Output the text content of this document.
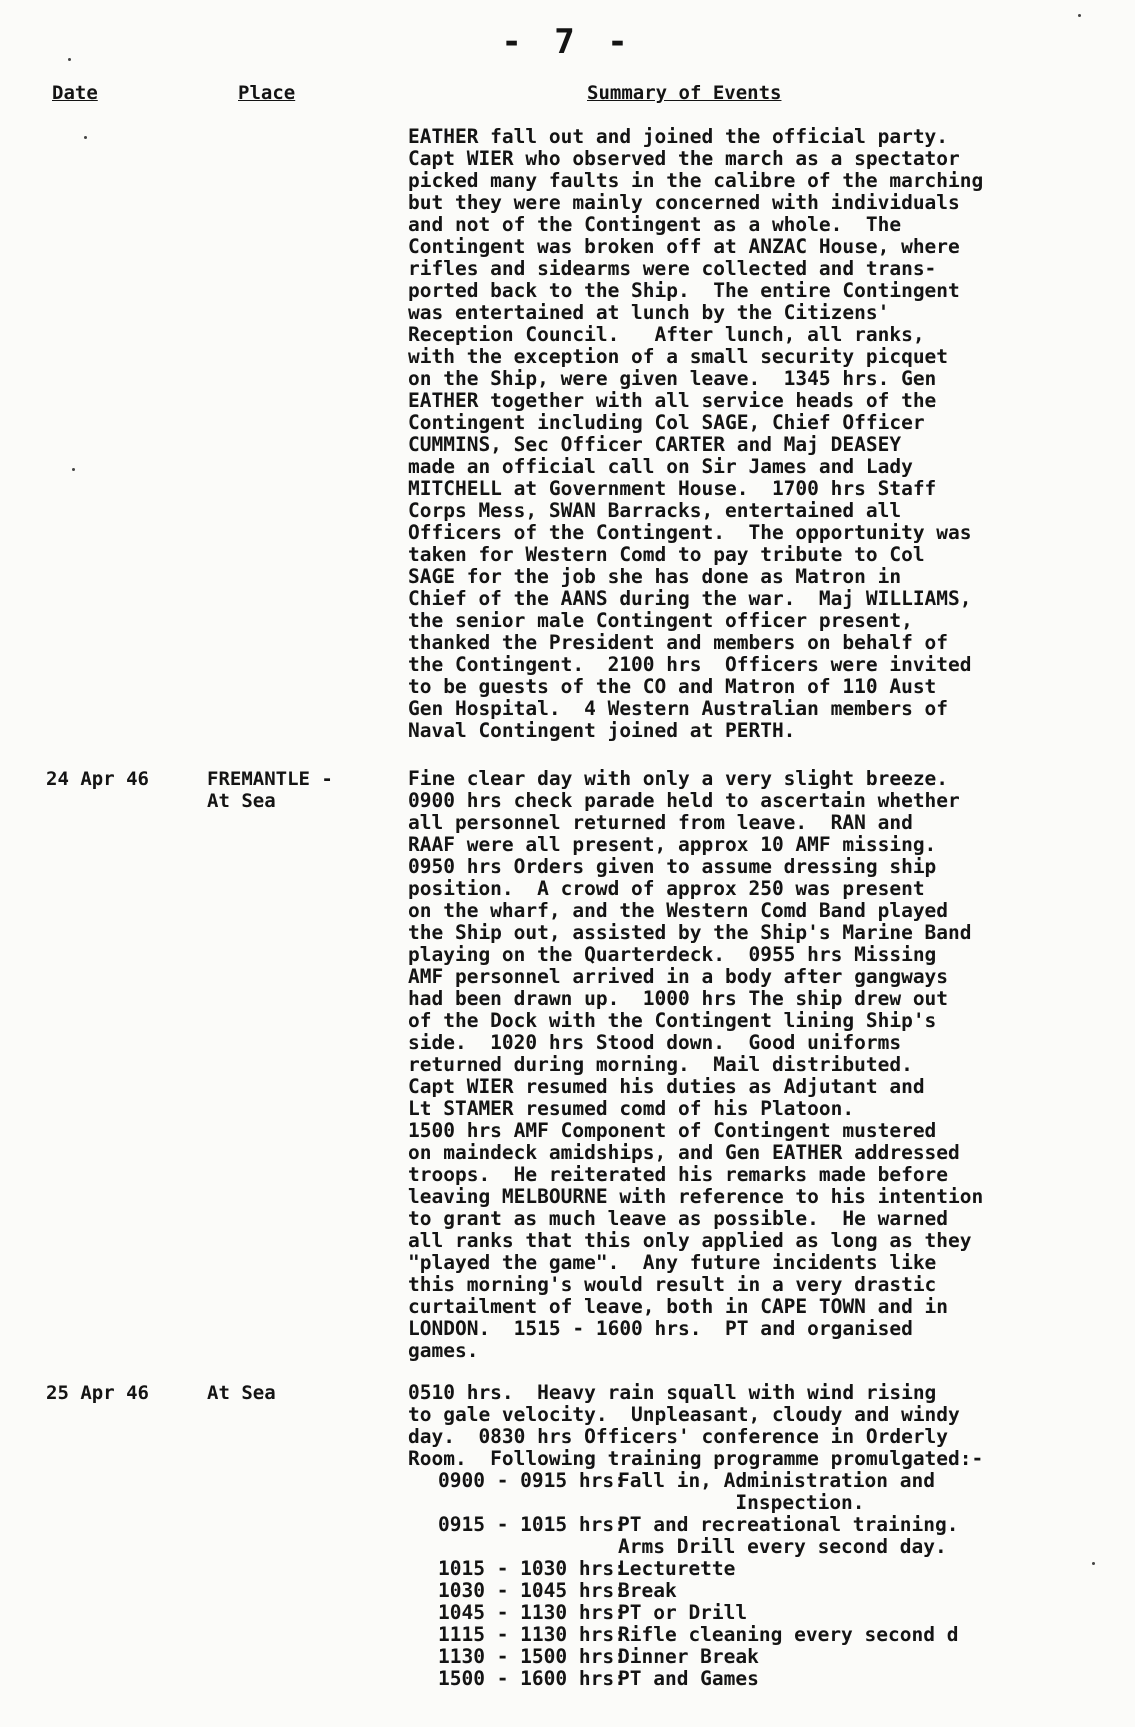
- 7 -
Date	Place	Summary of Events

EATHER fall out and joined the official party.

Capt WIER who observed the march as a spectator

picked many faults in the calibre of the marching

but they were mainly concerned with individuals

and not of the Contingent as a whole.  The

Contingent was broken off at ANZAC House, where

rifles and sidearms were collected and trans-

ported back to the Ship.  The entire Contingent

was entertained at lunch by the Citizens'

Reception Council.   After lunch, all ranks,

with the exception of a small security picquet

on the Ship, were given leave.  1345 hrs. Gen

EATHER together with all service heads of the

Contingent including Col SAGE, Chief Officer

CUMMINS, Sec Officer CARTER and Maj DEASEY

made an official call on Sir James and Lady

MITCHELL at Government House.  1700 hrs Staff

Corps Mess, SWAN Barracks, entertained all

Officers of the Contingent.  The opportunity was

taken for Western Comd to pay tribute to Col

SAGE for the job she has done as Matron in

Chief of the AANS during the war.  Maj WILLIAMS,

the senior male Contingent officer present,

thanked the President and members on behalf of

the Contingent.  2100 hrs  Officers were invited

to be guests of the CO and Matron of 110 Aust

Gen Hospital.  4 Western Australian members of

Naval Contingent joined at PERTH.

24 Apr 46	FREMANTLE -
At Sea

Fine clear day with only a very slight breeze.

0900 hrs check parade held to ascertain whether

all personnel returned from leave.  RAN and

RAAF were all present, approx 10 AMF missing.

0950 hrs Orders given to assume dressing ship

position.  A crowd of approx 250 was present

on the wharf, and the Western Comd Band played

the Ship out, assisted by the Ship's Marine Band

playing on the Quarterdeck.  0955 hrs Missing

AMF personnel arrived in a body after gangways

had been drawn up.  1000 hrs The ship drew out

of the Dock with the Contingent lining Ship's

side.  1020 hrs Stood down.  Good uniforms

returned during morning.  Mail distributed.

Capt WIER resumed his duties as Adjutant and

Lt STAMER resumed comd of his Platoon.

1500 hrs AMF Component of Contingent mustered

on maindeck amidships, and Gen EATHER addressed

troops.  He reiterated his remarks made before

leaving MELBOURNE with reference to his intention

to grant as much leave as possible.  He warned

all ranks that this only applied as long as they

"played the game".  Any future incidents like

this morning's would result in a very drastic

curtailment of leave, both in CAPE TOWN and in

LONDON.  1515 - 1600 hrs.  PT and organised

games.

25 Apr 46	At Sea	0510 hrs.  Heavy rain squall with wind rising

to gale velocity.  Unpleasant, cloudy and windy

day.  0830 hrs Officers' conference in Orderly

Room.  Following training programme promulgated:-

0900 - 0915 hrs:
Fall in, Administration and
Inspection.
0915 - 1015 hrs:
PT and recreational training.
Arms Drill every second day.
1015 - 1030 hrs:
Lecturette
1030 - 1045 hrs:
Break
1045 - 1130 hrs:
PT or Drill
1115 - 1130 hrs:
Rifle cleaning every second d
1130 - 1500 hrs:
Dinner Break
1500 - 1600 hrs:
PT and Games
